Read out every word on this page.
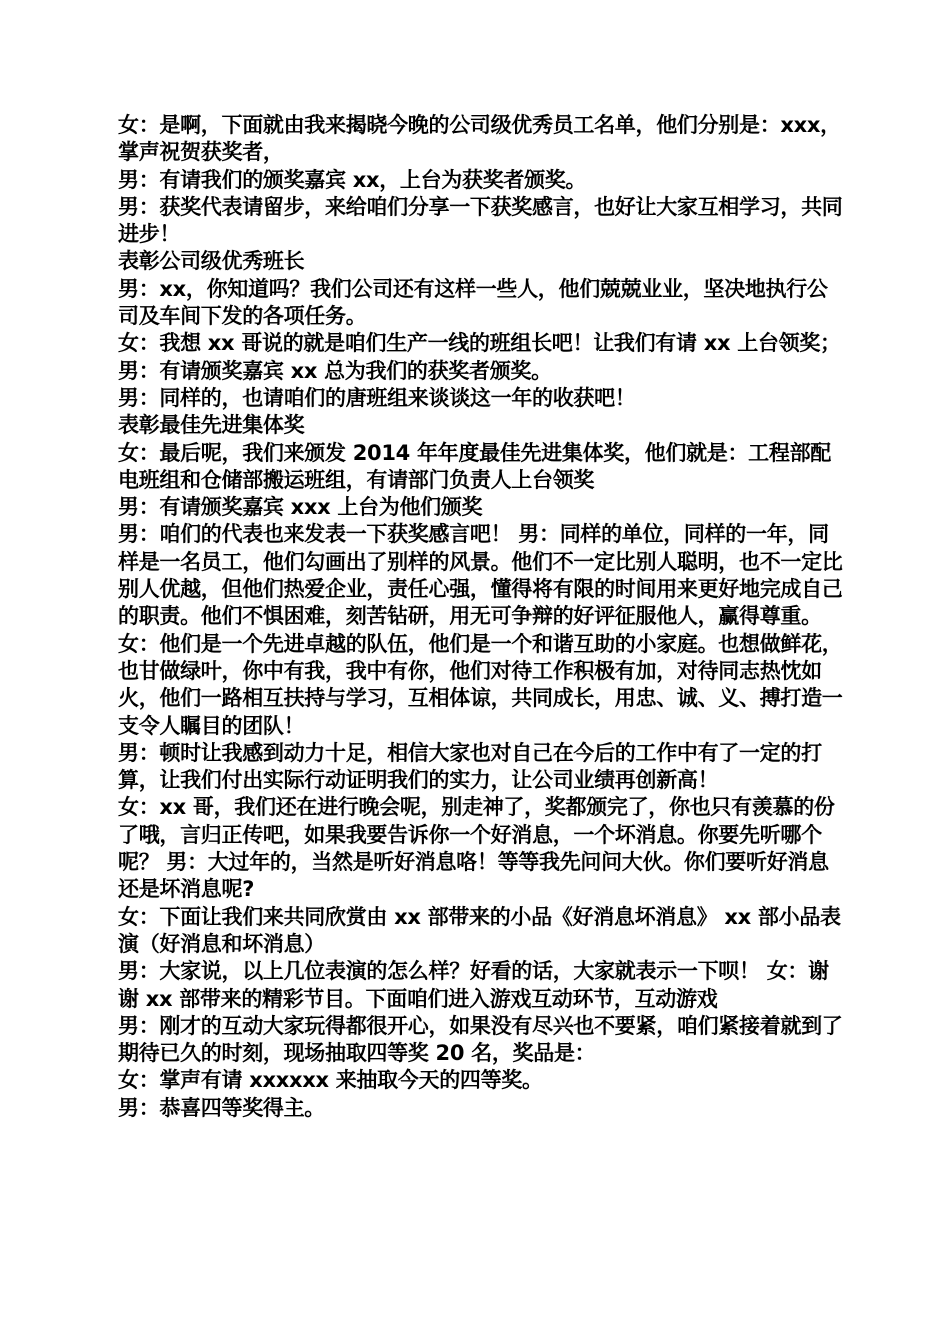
女：是啊，下面就由我来揭晓今晚的公司级优秀员工名单，他们分别是：xxx，掌声祝贺获奖者，

男：有请我们的颁奖嘉宾 xx，上台为获奖者颁奖。

男：获奖代表请留步，来给咱们分享一下获奖感言，也好让大家互相学习，共同进步！

表彰公司级优秀班长

男：xx，你知道吗？我们公司还有这样一些人，他们兢兢业业，坚决地执行公司及车间下发的各项任务。

女：我想 xx 哥说的就是咱们生产一线的班组长吧！让我们有请 xx 上台领奖； 男：有请颁奖嘉宾 xx 总为我们的获奖者颁奖。

男：同样的，也请咱们的唐班组来谈谈这一年的收获吧！

表彰最佳先进集体奖

女：最后呢，我们来颁发 2014 年年度最佳先进集体奖，他们就是：工程部配电班组和仓储部搬运班组，有请部门负责人上台领奖

男：有请颁奖嘉宾 xxx 上台为他们颁奖

男：咱们的代表也来发表一下获奖感言吧！ 男：同样的单位，同样的一年，同样是一名员工，他们勾画出了别样的风景。他们不一定比别人聪明，也不一定比别人优越，但他们热爱企业，责任心强，懂得将有限的时间用来更好地完成自己的职责。他们不惧困难，刻苦钻研，用无可争辩的好评征服他人，赢得尊重。 女：他们是一个先进卓越的队伍，他们是一个和谐互助的小家庭。也想做鲜花，也甘做绿叶，你中有我，我中有你，他们对待工作积极有加，对待同志热忱如火，他们一路相互扶持与学习，互相体谅，共同成长，用忠、诚、义、搏打造一支令人瞩目的团队！

男：顿时让我感到动力十足，相信大家也对自己在今后的工作中有了一定的打算，让我们付出实际行动证明我们的实力，让公司业绩再创新高！

女：xx 哥，我们还在进行晚会呢，别走神了，奖都颁完了，你也只有羡慕的份了哦，言归正传吧，如果我要告诉你一个好消息，一个坏消息。你要先听哪个呢？ 男：大过年的，当然是听好消息咯！等等我先问问大伙。你们要听好消息还是坏消息呢?

女：下面让我们来共同欣赏由 xx 部带来的小品《好消息坏消息》 xx 部小品表演（好消息和坏消息）

男：大家说，以上几位表演的怎么样？好看的话，大家就表示一下呗！ 女：谢谢 xx 部带来的精彩节目。下面咱们进入游戏互动环节，互动游戏

男：刚才的互动大家玩得都很开心，如果没有尽兴也不要紧，咱们紧接着就到了期待已久的时刻，现场抽取四等奖 20 名，奖品是：

女：掌声有请 xxxxxx 来抽取今天的四等奖。

男：恭喜四等奖得主。
